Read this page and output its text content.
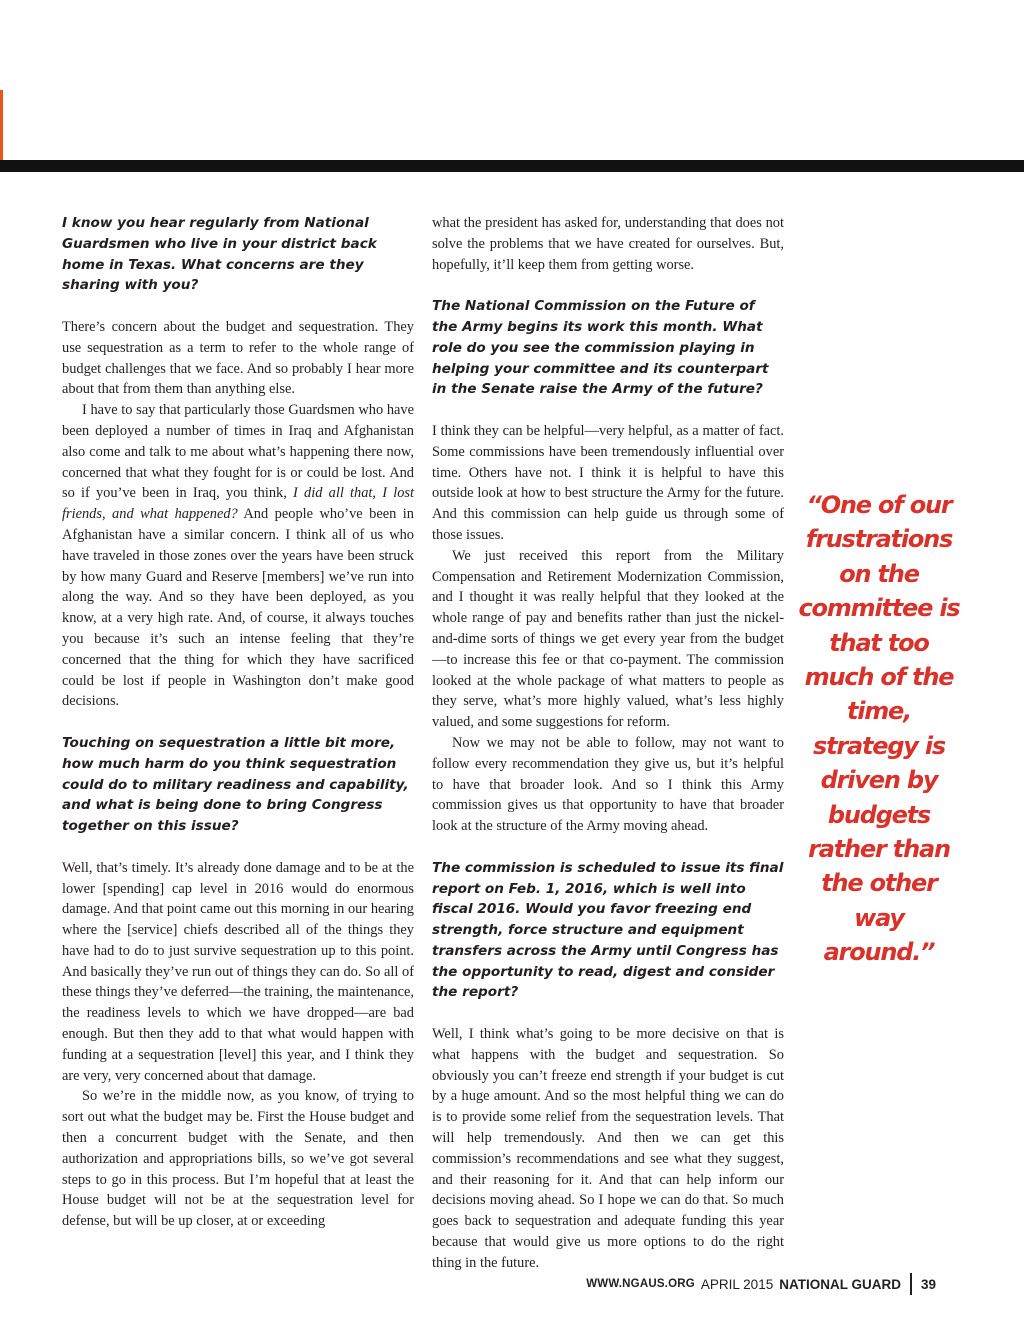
I know you hear regularly from National Guardsmen who live in your district back home in Texas. What concerns are they sharing with you?

There’s concern about the budget and sequestration. They use sequestration as a term to refer to the whole range of budget challenges that we face. And so probably I hear more about that from them than anything else.

I have to say that particularly those Guardsmen who have been deployed a number of times in Iraq and Afghanistan also come and talk to me about what’s happening there now, concerned that what they fought for is or could be lost. And so if you’ve been in Iraq, you think, I did all that, I lost friends, and what happened? And people who’ve been in Afghanistan have a similar concern. I think all of us who have traveled in those zones over the years have been struck by how many Guard and Reserve [members] we’ve run into along the way. And so they have been deployed, as you know, at a very high rate. And, of course, it always touches you because it’s such an intense feeling that they’re concerned that the thing for which they have sacrificed could be lost if people in Washington don’t make good decisions.

Touching on sequestration a little bit more, how much harm do you think sequestration could do to military readiness and capability, and what is being done to bring Congress together on this issue?

Well, that’s timely. It’s already done damage and to be at the lower [spending] cap level in 2016 would do enormous damage. And that point came out this morning in our hearing where the [service] chiefs described all of the things they have had to do to just survive sequestration up to this point. And basically they’ve run out of things they can do. So all of these things they’ve deferred—the training, the maintenance, the readiness levels to which we have dropped—are bad enough. But then they add to that what would happen with funding at a sequestration [level] this year, and I think they are very, very concerned about that damage.

So we’re in the middle now, as you know, of trying to sort out what the budget may be. First the House budget and then a concurrent budget with the Senate, and then authorization and appropriations bills, so we’ve got several steps to go in this process. But I’m hopeful that at least the House budget will not be at the sequestration level for defense, but will be up closer, at or exceeding

what the president has asked for, understanding that does not solve the problems that we have created for ourselves. But, hopefully, it’ll keep them from getting worse.

The National Commission on the Future of the Army begins its work this month. What role do you see the commission playing in helping your committee and its counterpart in the Senate raise the Army of the future?

I think they can be helpful—very helpful, as a matter of fact. Some commissions have been tremendously influential over time. Others have not. I think it is helpful to have this outside look at how to best structure the Army for the future. And this commission can help guide us through some of those issues.

We just received this report from the Military Compensation and Retirement Modernization Commission, and I thought it was really helpful that they looked at the whole range of pay and benefits rather than just the nickel-and-dime sorts of things we get every year from the budget—to increase this fee or that co-payment. The commission looked at the whole package of what matters to people as they serve, what’s more highly valued, what’s less highly valued, and some suggestions for reform.

Now we may not be able to follow, may not want to follow every recommendation they give us, but it’s helpful to have that broader look. And so I think this Army commission gives us that opportunity to have that broader look at the structure of the Army moving ahead.

The commission is scheduled to issue its final report on Feb. 1, 2016, which is well into fiscal 2016. Would you favor freezing end strength, force structure and equipment transfers across the Army until Congress has the opportunity to read, digest and consider the report?

Well, I think what’s going to be more decisive on that is what happens with the budget and sequestration. So obviously you can’t freeze end strength if your budget is cut by a huge amount. And so the most helpful thing we can do is to provide some relief from the sequestration levels. That will help tremendously. And then we can get this commission’s recommendations and see what they suggest, and their reasoning for it. And that can help inform our decisions moving ahead. So I hope we can do that. So much goes back to sequestration and adequate funding this year because that would give us more options to do the right thing in the future.

“One of our frustrations on the committee is that too much of the time, strategy is driven by budgets rather than the other way around.”
WWW.NGAUS.ORG APRIL 2015 NATIONAL GUARD 39
